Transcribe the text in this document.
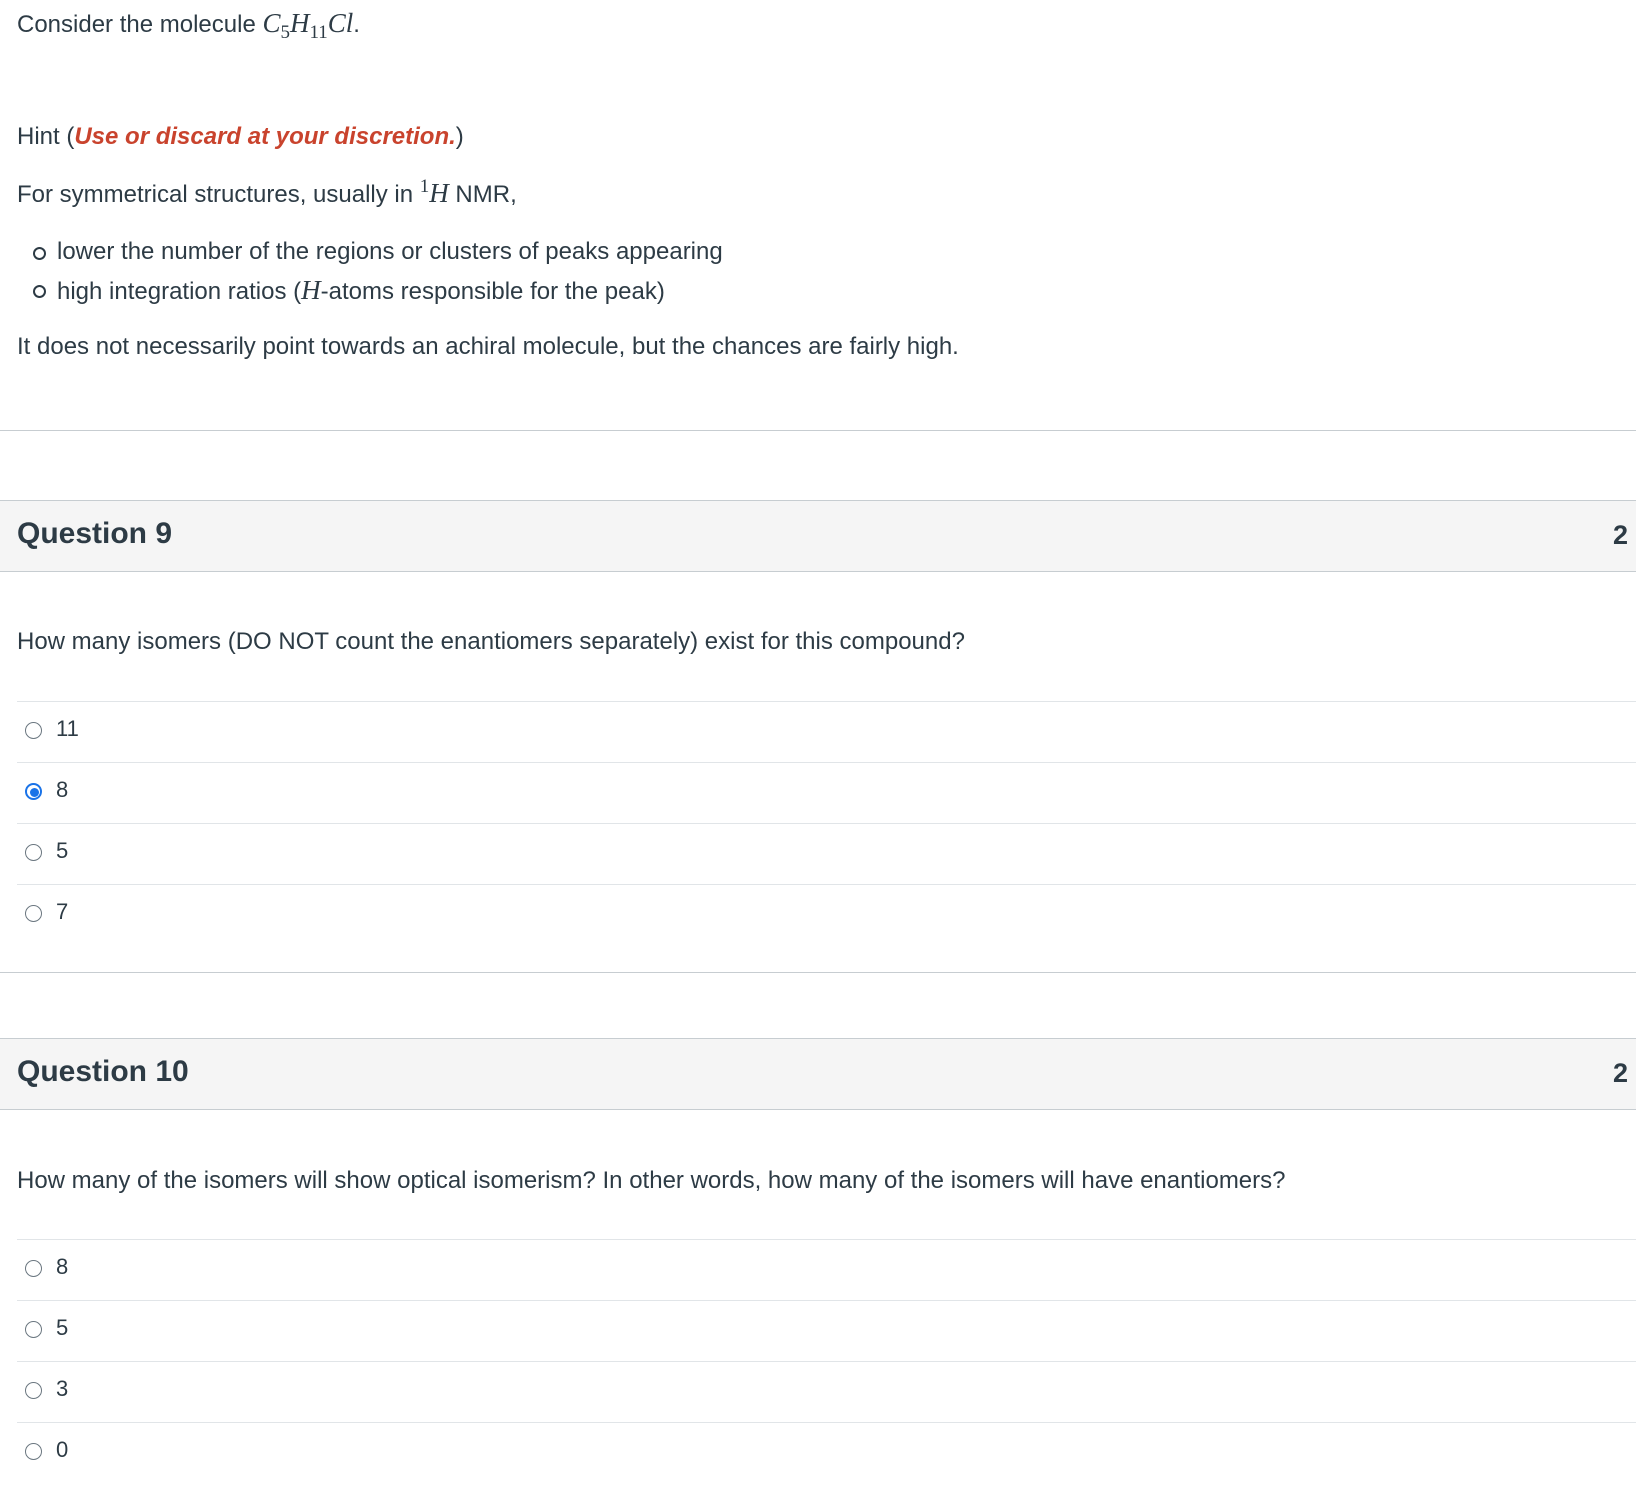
Consider the molecule $C_5H_{11}Cl$.

Hint (Use or discard at your discretion.)

For symmetrical structures, usually in $^1$H NMR,

lower the number of the regions or clusters of peaks appearing
high integration ratios (H-atoms responsible for the peak)

It does not necessarily point towards an achiral molecule, but the chances are fairly high.

Question 9	2
How many isomers (DO NOT count the enantiomers separately) exist for this compound?
11
8
5
7
Question 10	2
How many of the isomers will show optical isomerism? In other words, how many of the isomers will have enantiomers?
8
5
3
0
